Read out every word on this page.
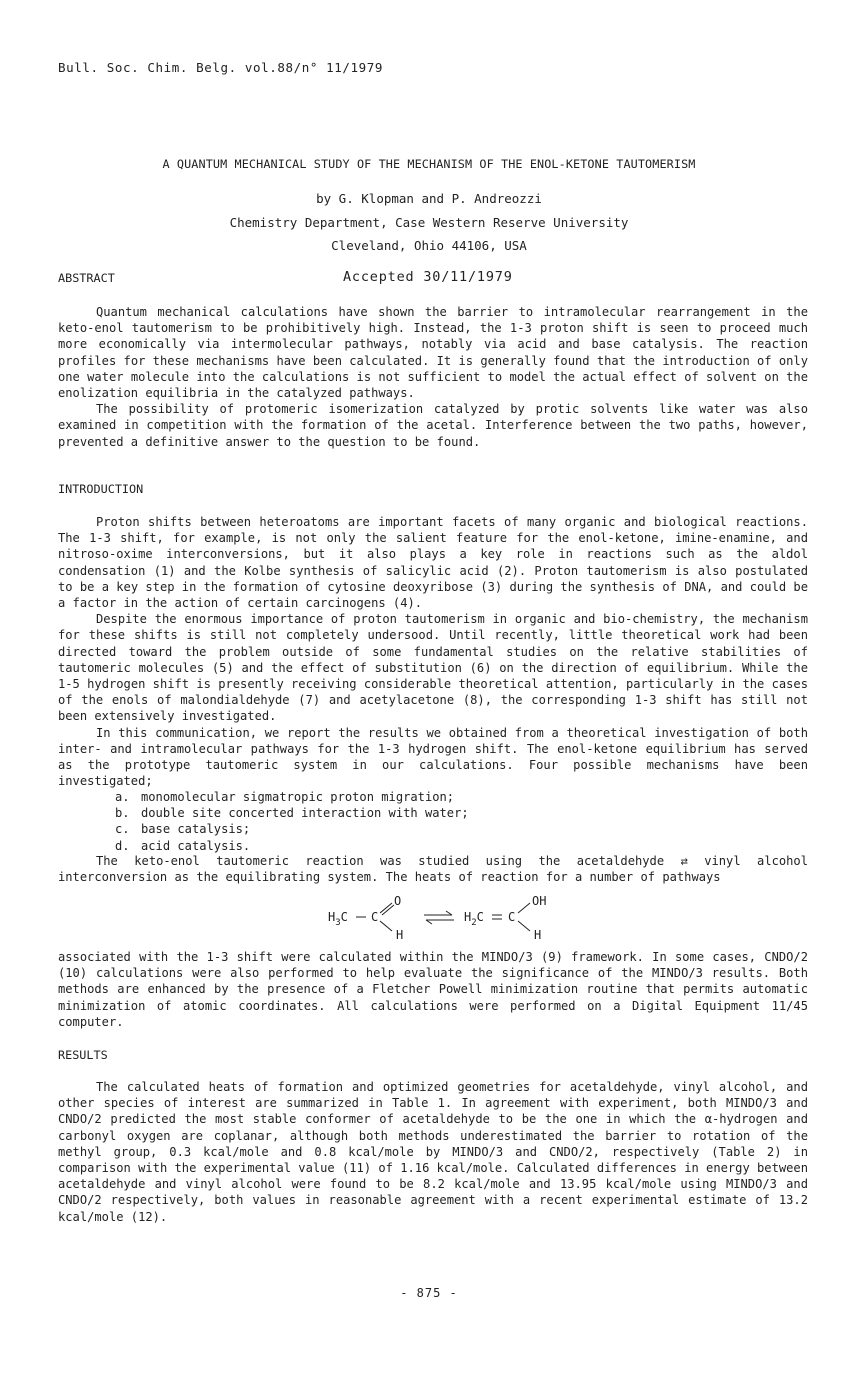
Bull. Soc. Chim. Belg. vol.88/n° 11/1979
A QUANTUM MECHANICAL STUDY OF THE MECHANISM OF THE ENOL-KETONE TAUTOMERISM
by G. Klopman and P. Andreozzi
Chemistry Department, Case Western Reserve University
Cleveland, Ohio 44106, USA
ABSTRACT	Accepted 30/11/1979

Quantum mechanical calculations have shown the barrier to intramolecular rearrangement in the keto-enol tautomerism to be prohibitively high. Instead, the 1-3 proton shift is seen to proceed much more economically via intermolecular pathways, notably via acid and base catalysis. The reaction profiles for these mechanisms have been calculated. It is generally found that the introduction of only one water molecule into the calculations is not sufficient to model the actual effect of solvent on the enolization equilibria in the catalyzed pathways.

The possibility of protomeric isomerization catalyzed by protic solvents like water was also examined in competition with the formation of the acetal. Interference between the two paths, however, prevented a definitive answer to the question to be found.

INTRODUCTION

Proton shifts between heteroatoms are important facets of many organic and biological reactions. The 1-3 shift, for example, is not only the salient feature for the enol-ketone, imine-enamine, and nitroso-oxime interconversions, but it also plays a key role in reactions such as the aldol condensation (1) and the Kolbe synthesis of salicylic acid (2). Proton tautomerism is also postulated to be a key step in the formation of cytosine deoxyribose (3) during the synthesis of DNA, and could be a factor in the action of certain carcinogens (4).

Despite the enormous importance of proton tautomerism in organic and bio-chemistry, the mechanism for these shifts is still not completely undersood. Until recently, little theoretical work had been directed toward the problem outside of some fundamental studies on the relative stabilities of tautomeric molecules (5) and the effect of substitution (6) on the direction of equilibrium. While the 1-5 hydrogen shift is presently receiving considerable theoretical attention, particularly in the cases of the enols of malondialdehyde (7) and acetylacetone (8), the corresponding 1-3 shift has still not been extensively investigated.

In this communication, we report the results we obtained from a theoretical investigation of both inter- and intramolecular pathways for the 1-3 hydrogen shift. The enol-ketone equilibrium has served as the prototype tautomeric system in our calculations. Four possible mechanisms have been investigated;

a. monomolecular sigmatropic proton migration;
b. double site concerted interaction with water;
c. base catalysis;
d. acid catalysis.

The keto-enol tautomeric reaction was studied using the acetaldehyde ⇄ vinyl alcohol interconversion as the equilibrating system. The heats of reaction for a number of pathways

$H_3C$ C
O
H
$H_2C$ C
OH
H

associated with the 1-3 shift were calculated within the MINDO/3 (9) framework. In some cases, CNDO/2 (10) calculations were also performed to help evaluate the significance of the MINDO/3 results. Both methods are enhanced by the presence of a Fletcher Powell minimization routine that permits automatic minimization of atomic coordinates. All calculations were performed on a Digital Equipment 11/45 computer.

RESULTS

The calculated heats of formation and optimized geometries for acetaldehyde, vinyl alcohol, and other species of interest are summarized in Table 1. In agreement with experiment, both MINDO/3 and CNDO/2 predicted the most stable conformer of acetaldehyde to be the one in which the α-hydrogen and carbonyl oxygen are coplanar, although both methods underestimated the barrier to rotation of the methyl group, 0.3 kcal/mole and 0.8 kcal/mole by MINDO/3 and CNDO/2, respectively (Table 2) in comparison with the experimental value (11) of 1.16 kcal/mole. Calculated differences in energy between acetaldehyde and vinyl alcohol were found to be 8.2 kcal/mole and 13.95 kcal/mole using MINDO/3 and CNDO/2 respectively, both values in reasonable agreement with a recent experimental estimate of 13.2 kcal/mole (12).

- 875 -
